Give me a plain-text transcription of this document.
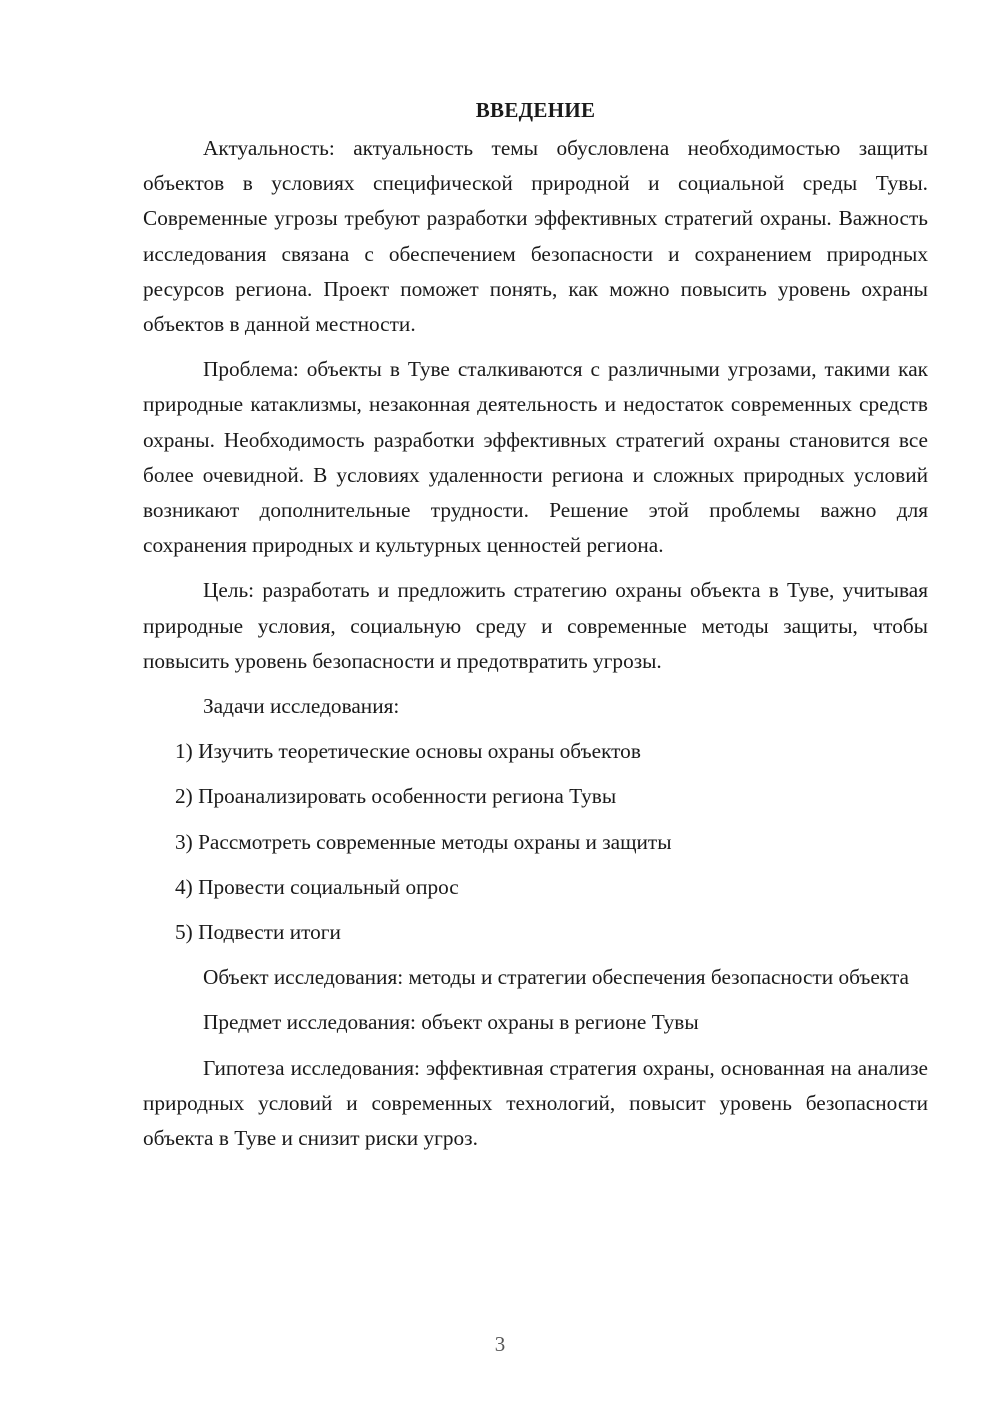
ВВЕДЕНИЕ

Актуальность: актуальность темы обусловлена необходимостью защиты объектов в условиях специфической природной и социальной среды Тувы. Современные угрозы требуют разработки эффективных стратегий охраны. Важность исследования связана с обеспечением безопасности и сохранением природных ресурсов региона. Проект поможет понять, как можно повысить уровень охраны объектов в данной местности.

Проблема: объекты в Туве сталкиваются с различными угрозами, такими как природные катаклизмы, незаконная деятельность и недостаток современных средств охраны. Необходимость разработки эффективных стратегий охраны становится все более очевидной. В условиях удаленности региона и сложных природных условий возникают дополнительные трудности. Решение этой проблемы важно для сохранения природных и культурных ценностей региона.

Цель: разработать и предложить стратегию охраны объекта в Туве, учитывая природные условия, социальную среду и современные методы защиты, чтобы повысить уровень безопасности и предотвратить угрозы.

Задачи исследования:

1) Изучить теоретические основы охраны объектов

2) Проанализировать особенности региона Тувы

3) Рассмотреть современные методы охраны и защиты

4) Провести социальный опрос

5) Подвести итоги

Объект исследования: методы и стратегии обеспечения безопасности объекта

Предмет исследования: объект охраны в регионе Тувы

Гипотеза исследования: эффективная стратегия охраны, основанная на анализе природных условий и современных технологий, повысит уровень безопасности объекта в Туве и снизит риски угроз.

3
